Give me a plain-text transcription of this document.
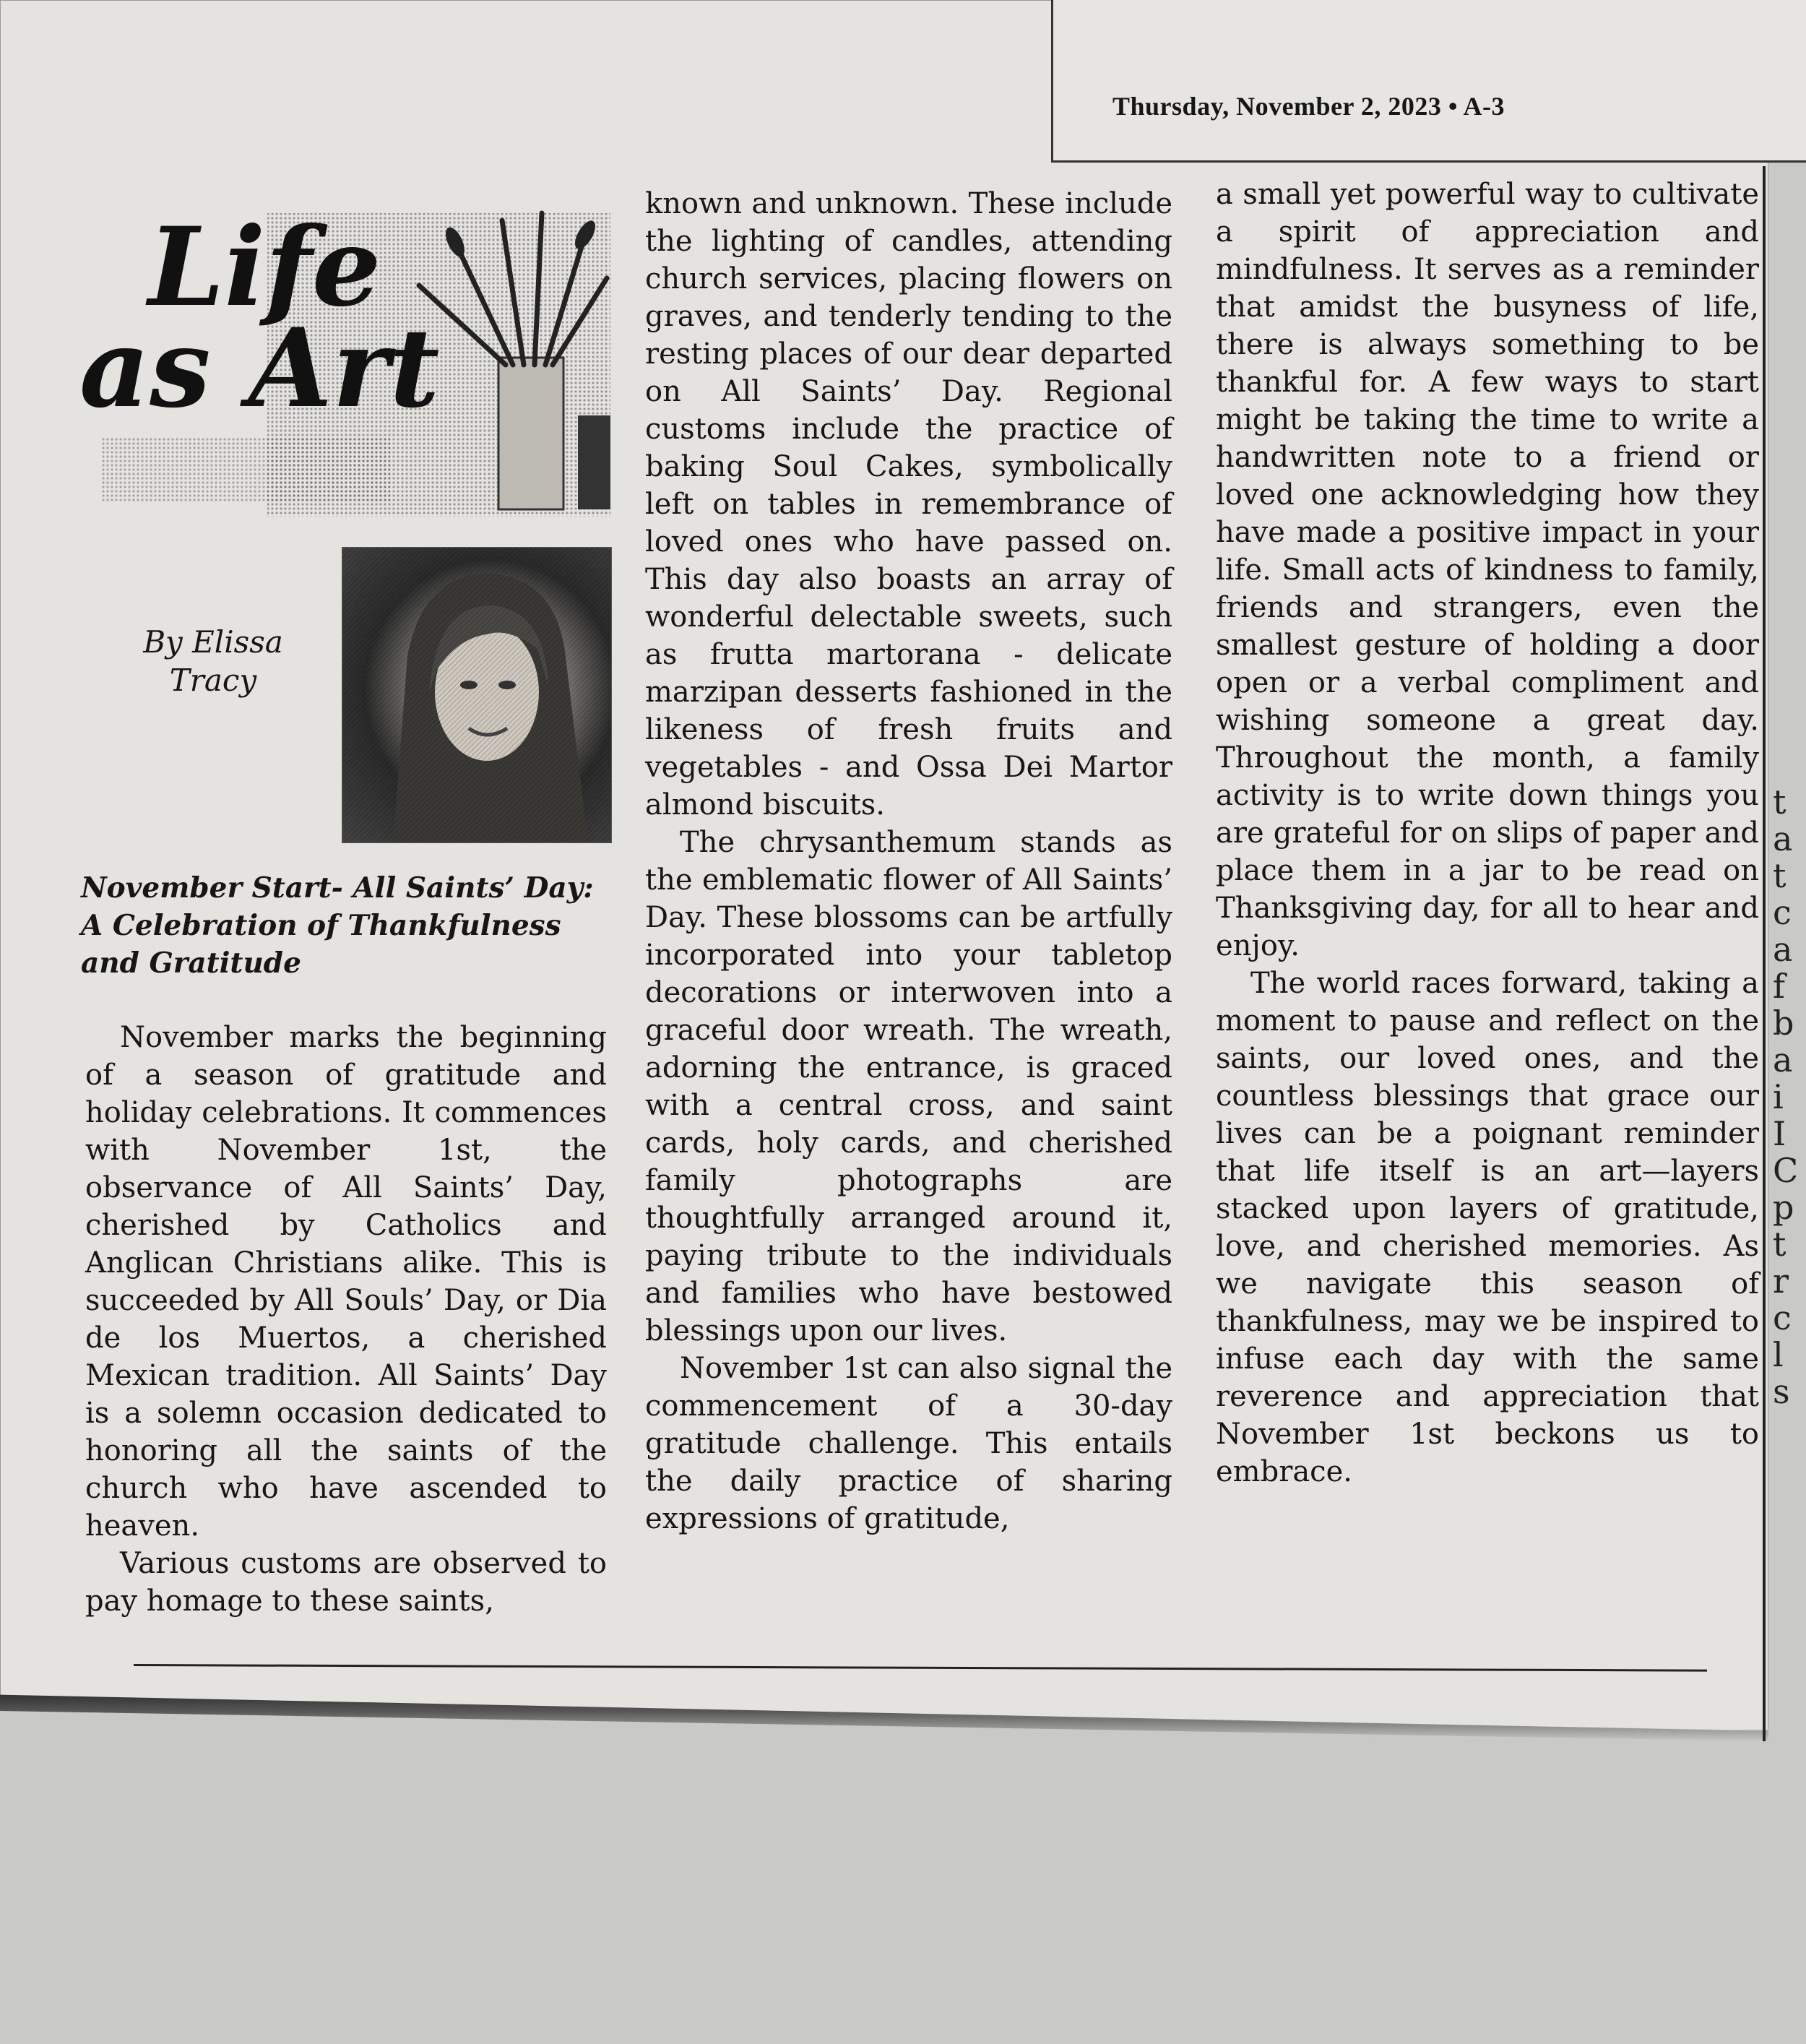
Thursday, November 2, 2023 • A-3
t
a
t
c
a
f
b
a
i
I
C
p
t
r
c
l
s
Life
as Art
By Elissa
Tracy
November Start- All Saints’ Day: A Celebration of Thankfulness and Gratitude

November marks the beginning of a season of gratitude and holiday celebrations. It commences with November 1st, the observance of All Saints’ Day, cherished by Catholics and Anglican Christians alike. This is succeeded by All Souls’ Day, or Dia de los Muertos, a cherished Mexican tradition. All Saints’ Day is a solemn occasion dedicated to honoring all the saints of the church who have ascended to heaven.

Various customs are observed to pay homage to these saints,

known and unknown. These include the lighting of candles, attending church services, placing flowers on graves, and tenderly tending to the resting places of our dear departed on All Saints’ Day. Regional customs include the practice of baking Soul Cakes, symbolically left on tables in remembrance of loved ones who have passed on. This day also boasts an array of wonderful delectable sweets, such as frutta martorana - delicate marzipan desserts fashioned in the likeness of fresh fruits and vegetables - and Ossa Dei Martor almond biscuits.

The chrysanthemum stands as the emblematic flower of All Saints’ Day. These blossoms can be artfully incorporated into your tabletop decorations or interwoven into a graceful door wreath. The wreath, adorning the entrance, is graced with a central cross, and saint cards, holy cards, and cherished family photographs are thoughtfully arranged around it, paying tribute to the individuals and families who have bestowed blessings upon our lives.

November 1st can also signal the commencement of a 30-day gratitude challenge. This entails the daily practice of sharing expressions of gratitude,

a small yet powerful way to cultivate a spirit of appreciation and mindfulness. It serves as a reminder that amidst the busyness of life, there is always something to be thankful for. A few ways to start might be taking the time to write a handwritten note to a friend or loved one acknowledging how they have made a positive impact in your life. Small acts of kindness to family, friends and strangers, even the smallest gesture of holding a door open or a verbal compliment and wishing someone a great day. Throughout the month, a family activity is to write down things you are grateful for on slips of paper and place them in a jar to be read on Thanksgiving day, for all to hear and enjoy.

The world races forward, taking a moment to pause and reflect on the saints, our loved ones, and the countless blessings that grace our lives can be a poignant reminder that life itself is an art—layers stacked upon layers of gratitude, love, and cherished memories. As we navigate this season of thankfulness, may we be inspired to infuse each day with the same reverence and appreciation that November 1st beckons us to embrace.
